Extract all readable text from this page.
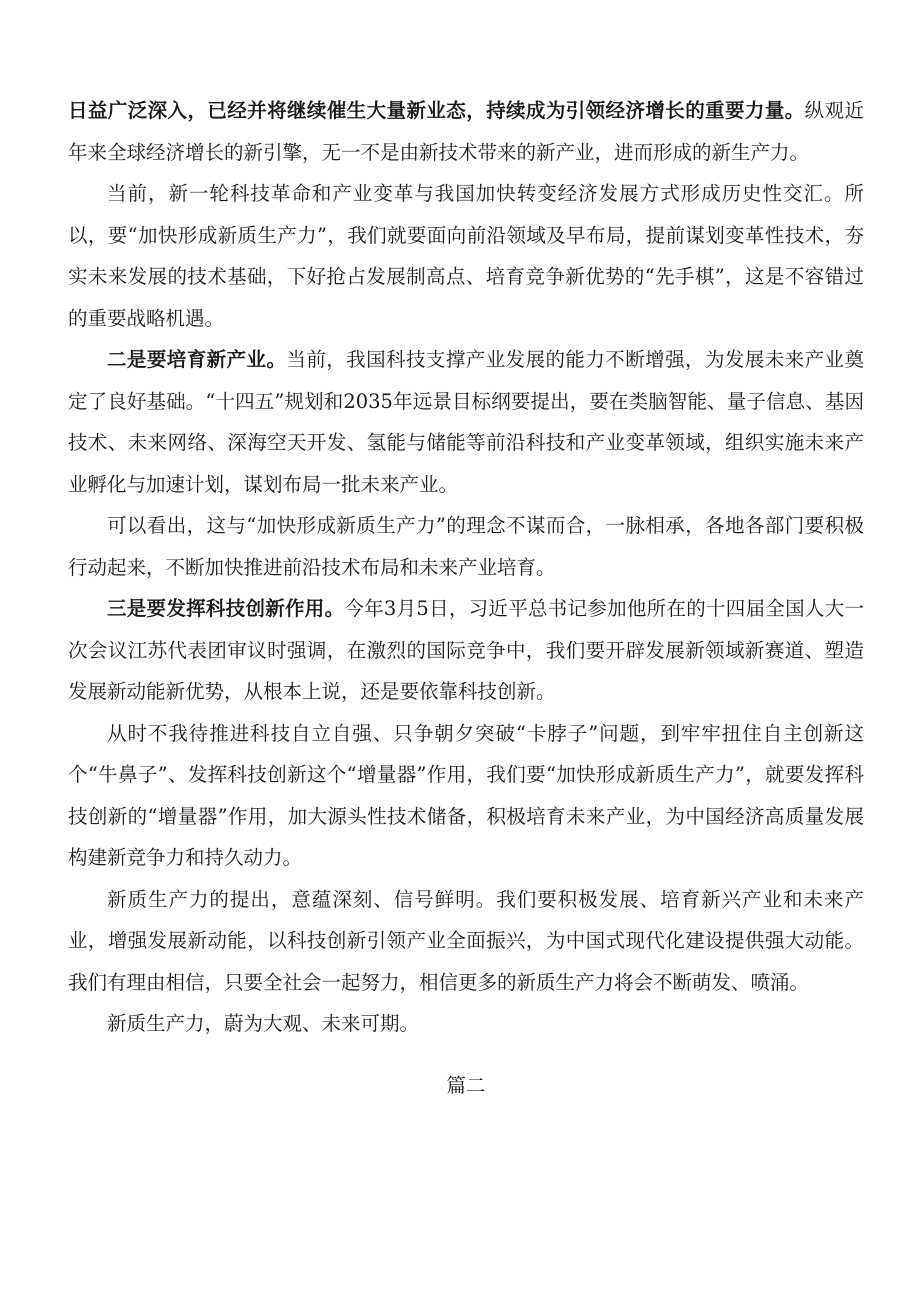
日益广泛深入，已经并将继续催生大量新业态，持续成为引领经济增长的重要力量。纵观近年来全球经济增长的新引擎，无一不是由新技术带来的新产业，进而形成的新生产力。

当前，新一轮科技革命和产业变革与我国加快转变经济发展方式形成历史性交汇。所以，要“加快形成新质生产力”，我们就要面向前沿领域及早布局，提前谋划变革性技术，夯实未来发展的技术基础，下好抢占发展制高点、培育竞争新优势的“先手棋”，这是不容错过的重要战略机遇。

二是要培育新产业。当前，我国科技支撑产业发展的能力不断增强，为发展未来产业奠定了良好基础。“十四五”规划和2035年远景目标纲要提出，要在类脑智能、量子信息、基因技术、未来网络、深海空天开发、氢能与储能等前沿科技和产业变革领域，组织实施未来产业孵化与加速计划，谋划布局一批未来产业。

可以看出，这与“加快形成新质生产力”的理念不谋而合，一脉相承，各地各部门要积极行动起来，不断加快推进前沿技术布局和未来产业培育。

三是要发挥科技创新作用。今年3月5日，习近平总书记参加他所在的十四届全国人大一次会议江苏代表团审议时强调，在激烈的国际竞争中，我们要开辟发展新领域新赛道、塑造发展新动能新优势，从根本上说，还是要依靠科技创新。

从时不我待推进科技自立自强、只争朝夕突破“卡脖子”问题，到牢牢扭住自主创新这个“牛鼻子”、发挥科技创新这个“增量器”作用，我们要“加快形成新质生产力”，就要发挥科技创新的“增量器”作用，加大源头性技术储备，积极培育未来产业，为中国经济高质量发展构建新竞争力和持久动力。

新质生产力的提出，意蕴深刻、信号鲜明。我们要积极发展、培育新兴产业和未来产业，增强发展新动能，以科技创新引领产业全面振兴，为中国式现代化建设提供强大动能。我们有理由相信，只要全社会一起努力，相信更多的新质生产力将会不断萌发、喷涌。

新质生产力，蔚为大观、未来可期。

篇二
